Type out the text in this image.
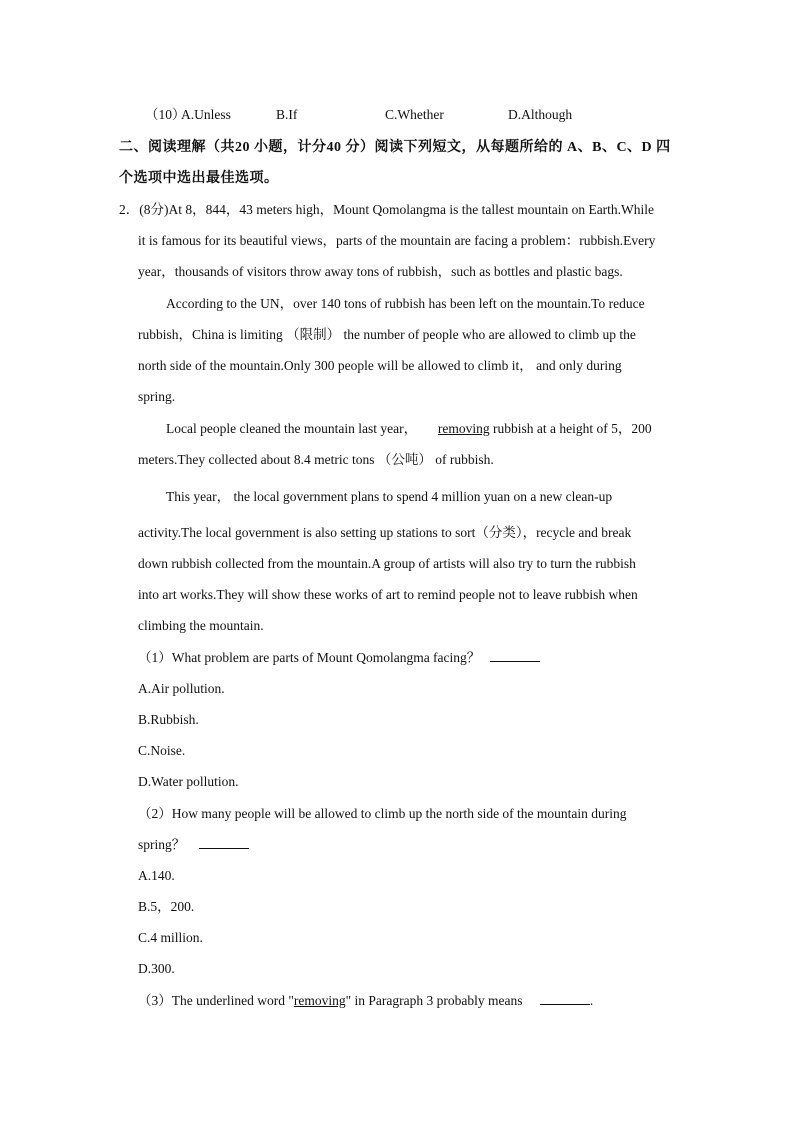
（10）
A.Unless	B.If	C.Whether	D.Although
二、阅读理解（共20 小题，计分40 分）阅读下列短文，从每题所给的 A、B、C、D 四
个选项中选出最佳选项。
2．(8分)At 8，844，43 meters high，Mount Qomolangma is the tallest mountain on Earth.While
it is famous for its beautiful views，parts of the mountain are facing a problem：rubbish.Every
year，thousands of visitors throw away tons of rubbish，such as bottles and plastic bags.
According to the UN，over 140 tons of rubbish has been left on the mountain.To reduce
rubbish，China is limiting （限制） the number of people who are allowed to climb up the
north side of the mountain.Only 300 people will be allowed to climb it， and only during
spring.
Local people cleaned the mountain last year， removing rubbish at a height of 5，200
meters.They collected about 8.4 metric tons （公吨） of rubbish.
This year， the local government plans to spend 4 million yuan on a new clean-up
activity.The local government is also setting up stations to sort（分类），recycle and break
down rubbish collected from the mountain.A group of artists will also try to turn the rubbish
into art works.They will show these works of art to remind people not to leave rubbish when
climbing the mountain.
（1）What problem are parts of Mount Qomolangma facing？
A.Air pollution.
B.Rubbish.
C.Noise.
D.Water pollution.
（2）How many people will be allowed to climb up the north side of the mountain during
spring？
A.140.
B.5，200.
C.4 million.
D.300.
（3）The underlined word "removing" in Paragraph 3 probably means	.
